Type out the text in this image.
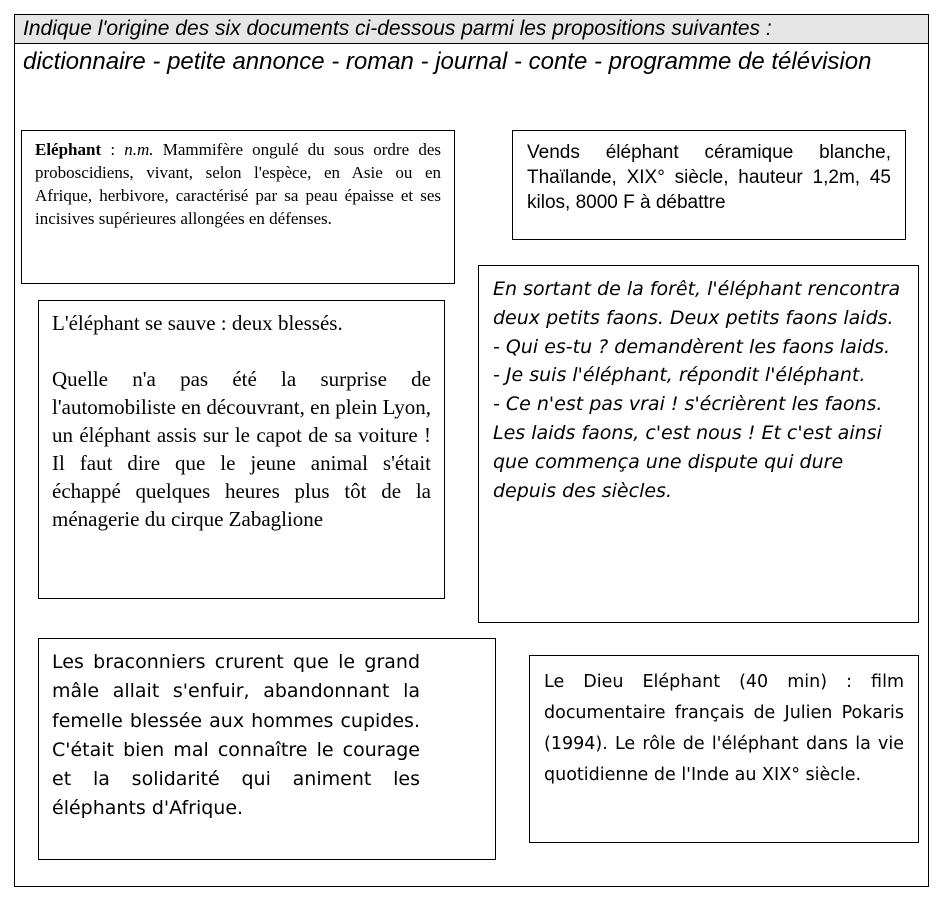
Indique l'origine des six documents ci-dessous parmi les propositions suivantes :
dictionnaire - petite annonce - roman - journal - conte - programme de télévision
Eléphant : n.m. Mammifère ongulé du sous ordre des proboscidiens, vivant, selon l'espèce, en Asie ou en Afrique, herbivore, caractérisé par sa peau épaisse et ses incisives supérieures allongées en défenses.
Vends éléphant céramique blanche, Thaïlande, XIX° siècle, hauteur 1,2m, 45 kilos, 8000 F à débattre

L'éléphant se sauve : deux blessés.

Quelle n'a pas été la surprise de l'automobiliste en découvrant, en plein Lyon, un éléphant assis sur le capot de sa voiture ! Il faut dire que le jeune animal s'était échappé quelques heures plus tôt de la ménagerie du cirque Zabaglione

En sortant de la forêt, l'éléphant rencontra deux petits faons. Deux petits faons laids.

- Qui es-tu ? demandèrent les faons laids.

- Je suis l'éléphant, répondit l'éléphant.

- Ce n'est pas vrai ! s'écrièrent les faons. Les laids faons, c'est nous ! Et c'est ainsi que commença une dispute qui dure depuis des siècles.

Les braconniers crurent que le grand mâle allait s'enfuir, abandonnant la femelle blessée aux hommes cupides. C'était bien mal connaître le courage et la solidarité qui animent les éléphants d'Afrique.
Le Dieu Eléphant (40 min) : film documentaire français de Julien Pokaris (1994). Le rôle de l'éléphant dans la vie quotidienne de l'Inde au XIX° siècle.
